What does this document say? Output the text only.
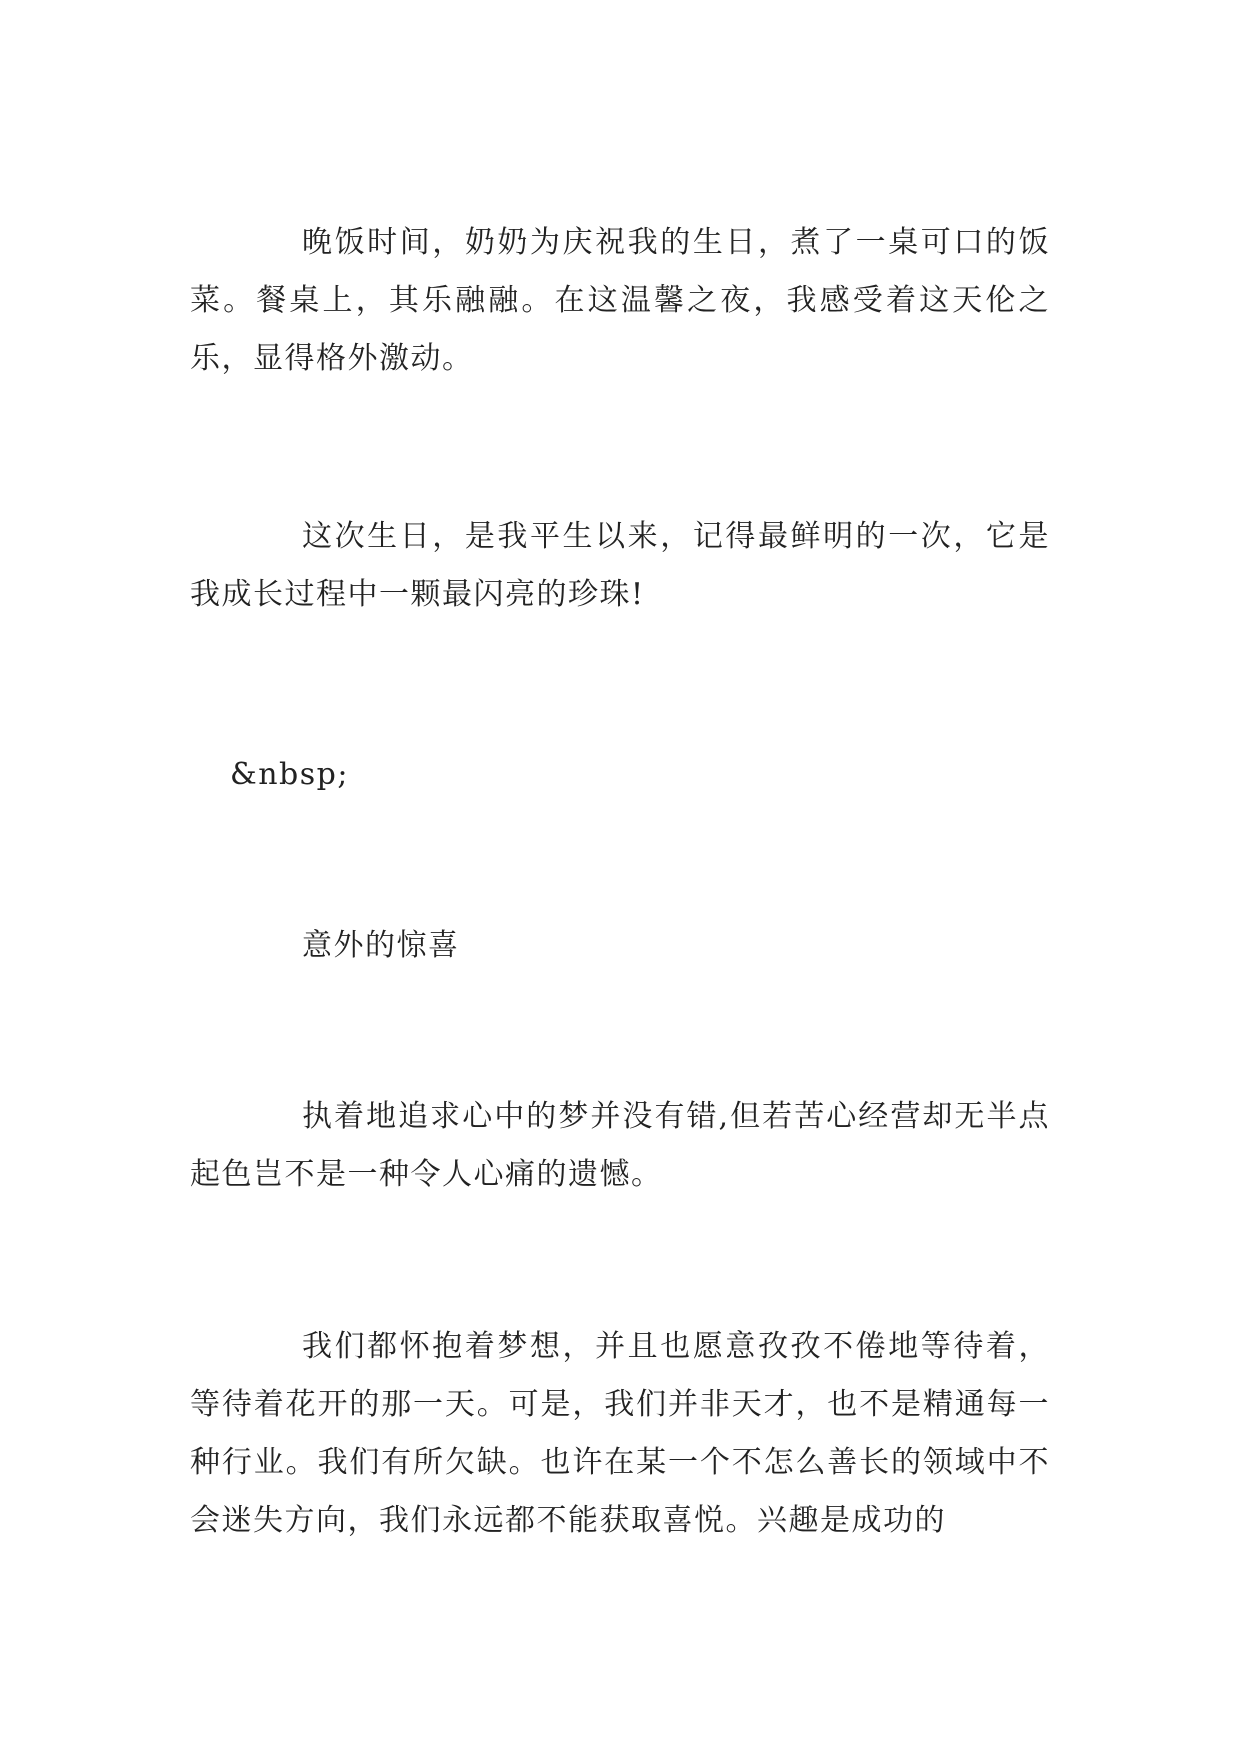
晚饭时间，奶奶为庆祝我的生日，煮了一桌可口的饭菜。餐桌上，其乐融融。在这温馨之夜，我感受着这天伦之乐，显得格外激动。

这次生日，是我平生以来，记得最鲜明的一次，它是我成长过程中一颗最闪亮的珍珠!

&nbsp;

意外的惊喜

执着地追求心中的梦并没有错,但若苦心经营却无半点起色岂不是一种令人心痛的遗憾。

我们都怀抱着梦想，并且也愿意孜孜不倦地等待着，等待着花开的那一天。可是，我们并非天才，也不是精通每一种行业。我们有所欠缺。也许在某一个不怎么善长的领域中不会迷失方向，我们永远都不能获取喜悦。兴趣是成功的
